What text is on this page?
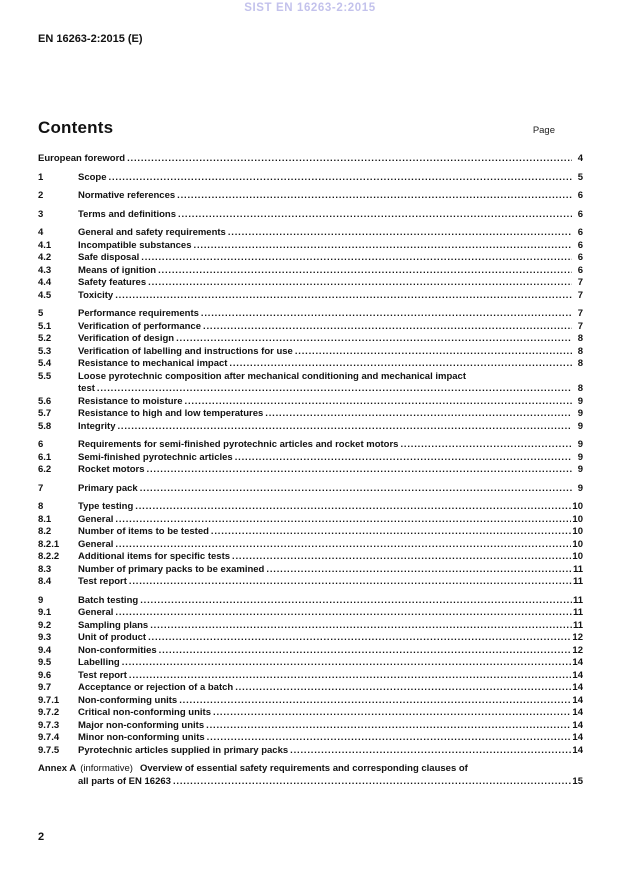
SIST EN 16263-2:2015
EN 16263-2:2015 (E)
Contents	Page
European foreword .....	4
1	Scope .....	5
2	Normative references .....	6
3	Terms and definitions .....	6
4	General and safety requirements .....	6
4.1	Incompatible substances .....	6
4.2	Safe disposal .....	6
4.3	Means of ignition .....	6
4.4	Safety features .....	7
4.5	Toxicity .....	7
5	Performance requirements .....	7
5.1	Verification of performance .....	7
5.2	Verification of design .....	8
5.3	Verification of labelling and instructions for use .....	8
5.4	Resistance to mechanical impact .....	8
5.5	Loose pyrotechnic composition after mechanical conditioning and mechanical impact
test .....	8
5.6	Resistance to moisture .....	9
5.7	Resistance to high and low temperatures .....	9
5.8	Integrity .....	9
6	Requirements for semi-finished pyrotechnic articles and rocket motors .....	9
6.1	Semi-finished pyrotechnic articles .....	9
6.2	Rocket motors .....	9
7	Primary pack .....	9
8	Type testing .....	10
8.1	General .....	10
8.2	Number of items to be tested .....	10
8.2.1	General .....	10
8.2.2	Additional items for specific tests .....	10
8.3	Number of primary packs to be examined .....	11
8.4	Test report .....	11
9	Batch testing .....	11
9.1	General .....	11
9.2	Sampling plans .....	11
9.3	Unit of product .....	12
9.4	Non-conformities .....	12
9.5	Labelling .....	14
9.6	Test report .....	14
9.7	Acceptance or rejection of a batch .....	14
9.7.1	Non-conforming units .....	14
9.7.2	Critical non-conforming units .....	14
9.7.3	Major non-conforming units .....	14
9.7.4	Minor non-conforming units .....	14
9.7.5	Pyrotechnic articles supplied in primary packs .....	14
Annex A (informative) Overview of essential safety requirements and corresponding clauses of
all parts of EN 16263 .....	15
2
